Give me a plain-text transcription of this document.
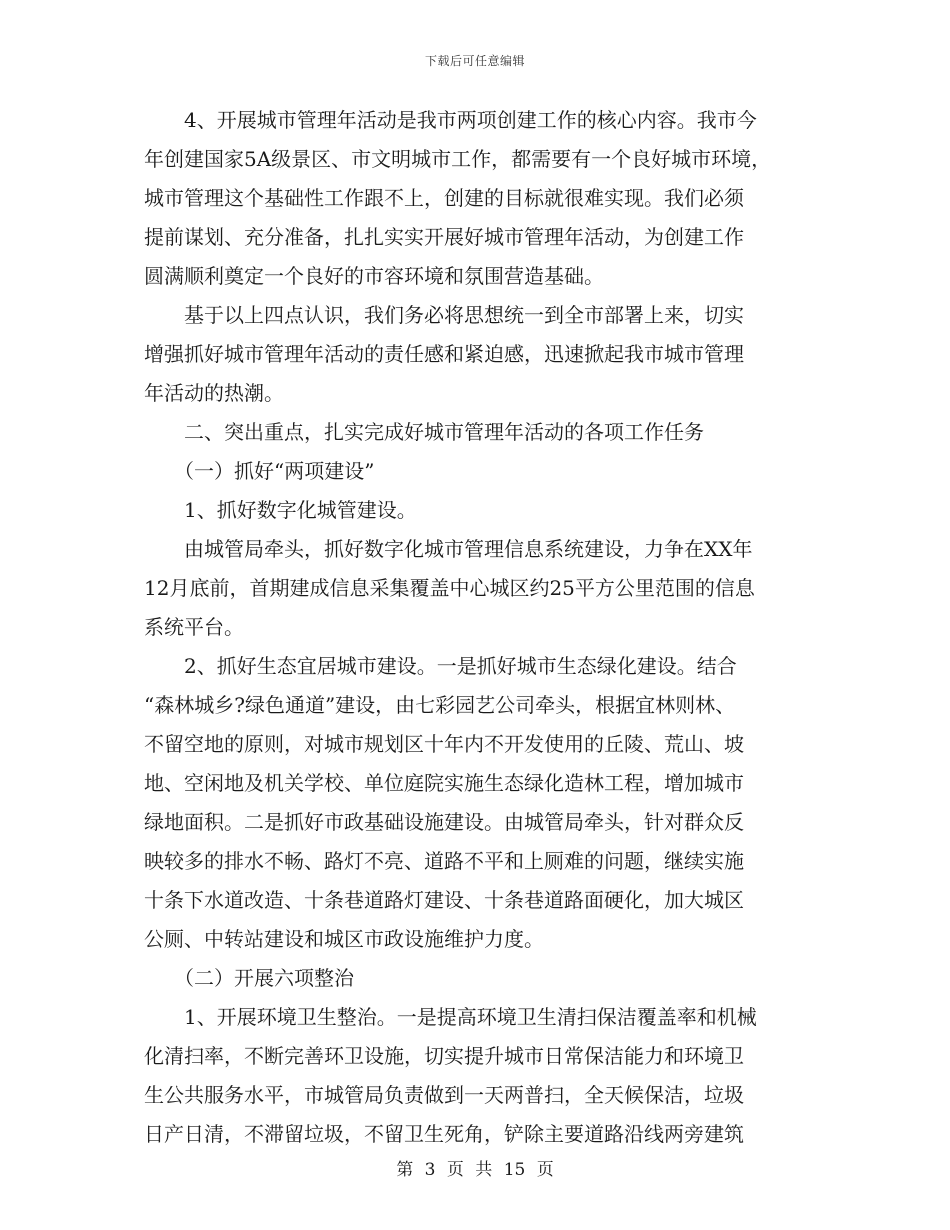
下载后可任意编辑
　　4、开展城市管理年活动是我市两项创建工作的核心内容。我市今
年创建国家5A级景区、市文明城市工作，都需要有一个良好城市环境，
城市管理这个基础性工作跟不上，创建的目标就很难实现。我们必须
提前谋划、充分准备，扎扎实实开展好城市管理年活动，为创建工作
圆满顺利奠定一个良好的市容环境和氛围营造基础。
　　基于以上四点认识，我们务必将思想统一到全市部署上来，切实
增强抓好城市管理年活动的责任感和紧迫感，迅速掀起我市城市管理
年活动的热潮。
　　二、突出重点，扎实完成好城市管理年活动的各项工作任务
　　（一）抓好“两项建设”
　　1、抓好数字化城管建设。
　　由城管局牵头，抓好数字化城市管理信息系统建设，力争在XX年
12月底前，首期建成信息采集覆盖中心城区约25平方公里范围的信息
系统平台。
　　2、抓好生态宜居城市建设。一是抓好城市生态绿化建设。结合
“森林城乡?绿色通道”建设，由七彩园艺公司牵头，根据宜林则林、
不留空地的原则，对城市规划区十年内不开发使用的丘陵、荒山、坡
地、空闲地及机关学校、单位庭院实施生态绿化造林工程，增加城市
绿地面积。二是抓好市政基础设施建设。由城管局牵头，针对群众反
映较多的排水不畅、路灯不亮、道路不平和上厕难的问题，继续实施
十条下水道改造、十条巷道路灯建设、十条巷道路面硬化，加大城区
公厕、中转站建设和城区市政设施维护力度。
　　（二）开展六项整治
　　1、开展环境卫生整治。一是提高环境卫生清扫保洁覆盖率和机械
化清扫率，不断完善环卫设施，切实提升城市日常保洁能力和环境卫
生公共服务水平，市城管局负责做到一天两普扫，全天候保洁，垃圾
日产日清，不滞留垃圾，不留卫生死角，铲除主要道路沿线两旁建筑
第 3 页 共 15 页
